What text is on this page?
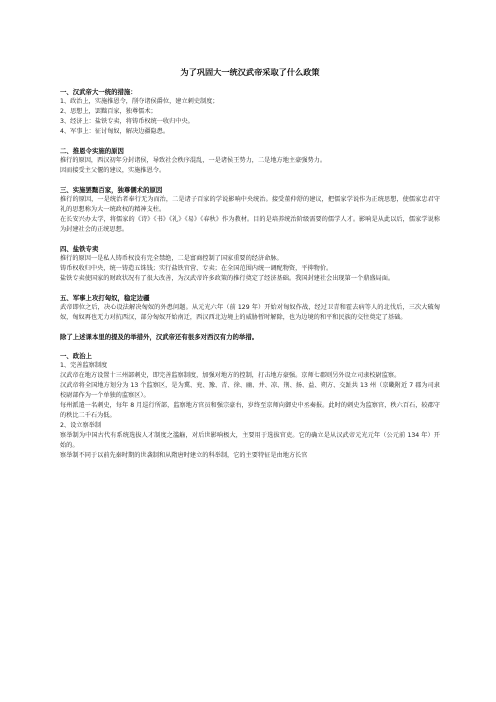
为了巩固大一统汉武帝采取了什么政策

一、汉武帝大一统的措施：

1、政治上，实施推恩令，削夺诸侯爵位，建立刺史制度；

2、思想上，罢黜百家，独尊儒术；

3、经济上：盐铁专卖，将铸币权统一收归中央。

4、军事上：征讨匈奴，解决边疆隐患。

二、推恩令实施的原因

推行的原因，西汉初年分封诸侯，导致社会秩序混乱，一是诸侯王势力，二是地方地主豪强势力。

因而接受主父偃的建议，实施推恩令。

三、实施罢黜百家，独尊儒术的原因

推行的原因，一是统治者奉行无为而治，二是诸子百家的学说影响中央统治。接受董仲舒的建议，把儒家学说作为正统思想，使儒家忠君守礼的思想称为大一统政权的精神支柱。

在长安兴办太学，将儒家的《诗》《书》《礼》《易》《春秋》作为教材。目的是培养统治阶级需要的儒学人才。影响是从此以后，儒家学说称为封建社会的正统思想。

四、盐铁专卖

推行的原因一是私人铸币权没有完全禁绝，二是富商控制了国家重要的经济命脉。

铸币权收归中央，统一铸造五铢钱；实行盐铁官营、专卖；在全国范围内统一调配物资，平抑物价。

盐铁专卖使国家的财政状况有了很大改善，为汉武帝许多政策的推行奠定了经济基础。我国封建社会出现第一个鼎盛局面。

五、军事上攻打匈奴，稳定边疆

武帝即位之后，决心设法解决匈奴的外患问题。从元光六年（前 129 年）开始对匈奴作战，经过卫青和霍去病等人的北伐后，三次大破匈奴，匈奴再也无力对抗西汉，部分匈奴开始南迁，西汉西北边境上的威胁暂时解除，也为边境的和平和民族的交往奠定了基础。

除了上述课本里的提及的举措外，汉武帝还有很多对西汉有力的举措。

一、政治上

1、完善监察制度

汉武帝在地方设置十三州部刺史，即完善监察制度，加强对地方的控制，打击地方豪强。京师七郡则另外设立司隶校尉监察。

汉武帝将全国地方划分为 13 个监察区，是为冀、兖、豫、青、徐、幽、并、凉、荆、扬、益、朔方、交趾共 13 州（京畿附近 7 郡为司隶校尉部作为一个单独的监察区）。

每州派遣一名刺史，每年 8 月巡行所部，监察地方官员和强宗豪右，岁终至京师向御史中丞奏报。此时的刺史为监察官，秩六百石，较郡守的秩比二千石为低。

2、设立察举制

察举制为中国古代有系统选拔人才制度之滥觞，对后世影响极大，主要用于选拔官吏。它的确立是从汉武帝元光元年（公元前 134 年）开始的。

察举制不同于以前先秦时期的世袭制和从隋唐时建立的科举制，它的主要特征是由地方长官
